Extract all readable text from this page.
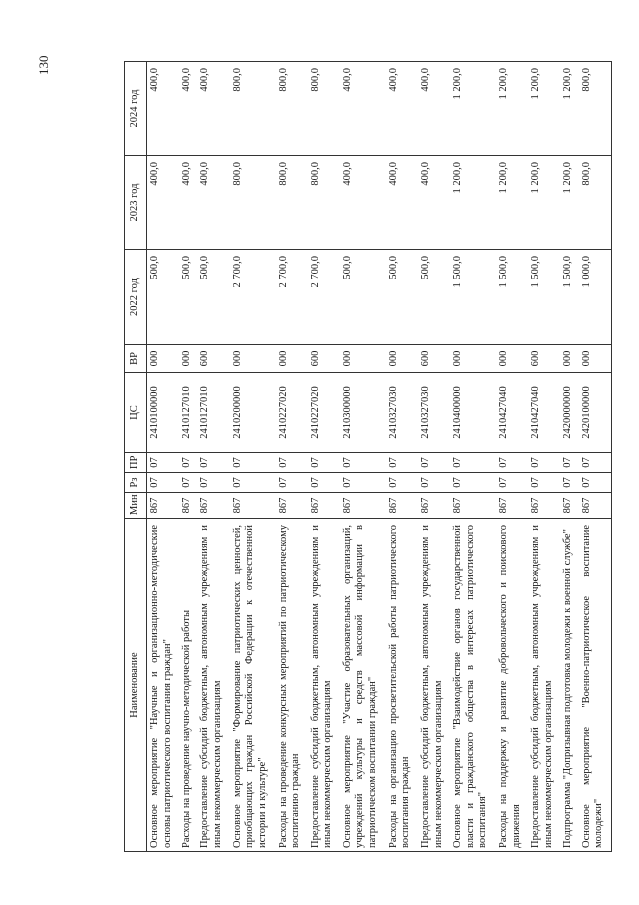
130
Наименование	Мин	Рз	ПР	ЦС	ВР	2022 год	2023 год	2024 год
Основное мероприятие "Научные и организационно-методические основы патриотического воспитания граждан"	867	07	07	2410100000	000	500,0	400,0	400,0
Расходы на проведение научно-методической работы	867	07	07	2410127010	000	500,0	400,0	400,0
Предоставление субсидий бюджетным, автономным учреждениям и иным некоммерческим организациям	867	07	07	2410127010	600	500,0	400,0	400,0
Основное мероприятие "Формирование патриотических ценностей, приобщающих граждан Российской Федерации к отечественной истории и культуре"	867	07	07	2410200000	000	2 700,0	800,0	800,0
Расходы на проведение конкурсных мероприятий по патриотическому воспитанию граждан	867	07	07	2410227020	000	2 700,0	800,0	800,0
Предоставление субсидий бюджетным, автономным учреждениям и иным некоммерческим организациям	867	07	07	2410227020	600	2 700,0	800,0	800,0
Основное мероприятие "Участие образовательных организаций, учреждений культуры и средств массовой информации в патриотическом воспитании граждан"	867	07	07	2410300000	000	500,0	400,0	400,0
Расходы на организацию просветительской работы патриотического воспитания граждан	867	07	07	2410327030	000	500,0	400,0	400,0
Предоставление субсидий бюджетным, автономным учреждениям и иным некоммерческим организациям	867	07	07	2410327030	600	500,0	400,0	400,0
Основное мероприятие "Взаимодействие органов государственной власти и гражданского общества в интересах патриотического воспитания"	867	07	07	2410400000	000	1 500,0	1 200,0	1 200,0
Расходы на поддержку и развитие добровольческого и поискового движения	867	07	07	2410427040	000	1 500,0	1 200,0	1 200,0
Предоставление субсидий бюджетным, автономным учреждениям и иным некоммерческим организациям	867	07	07	2410427040	600	1 500,0	1 200,0	1 200,0
Подпрограмма "Допризывная подготовка молодежи к военной службе"	867	07	07	2420000000	000	1 500,0	1 200,0	1 200,0
Основное мероприятие "Военно-патриотическое воспитание молодежи"	867	07	07	2420100000	000	1 000,0	800,0	800,0
